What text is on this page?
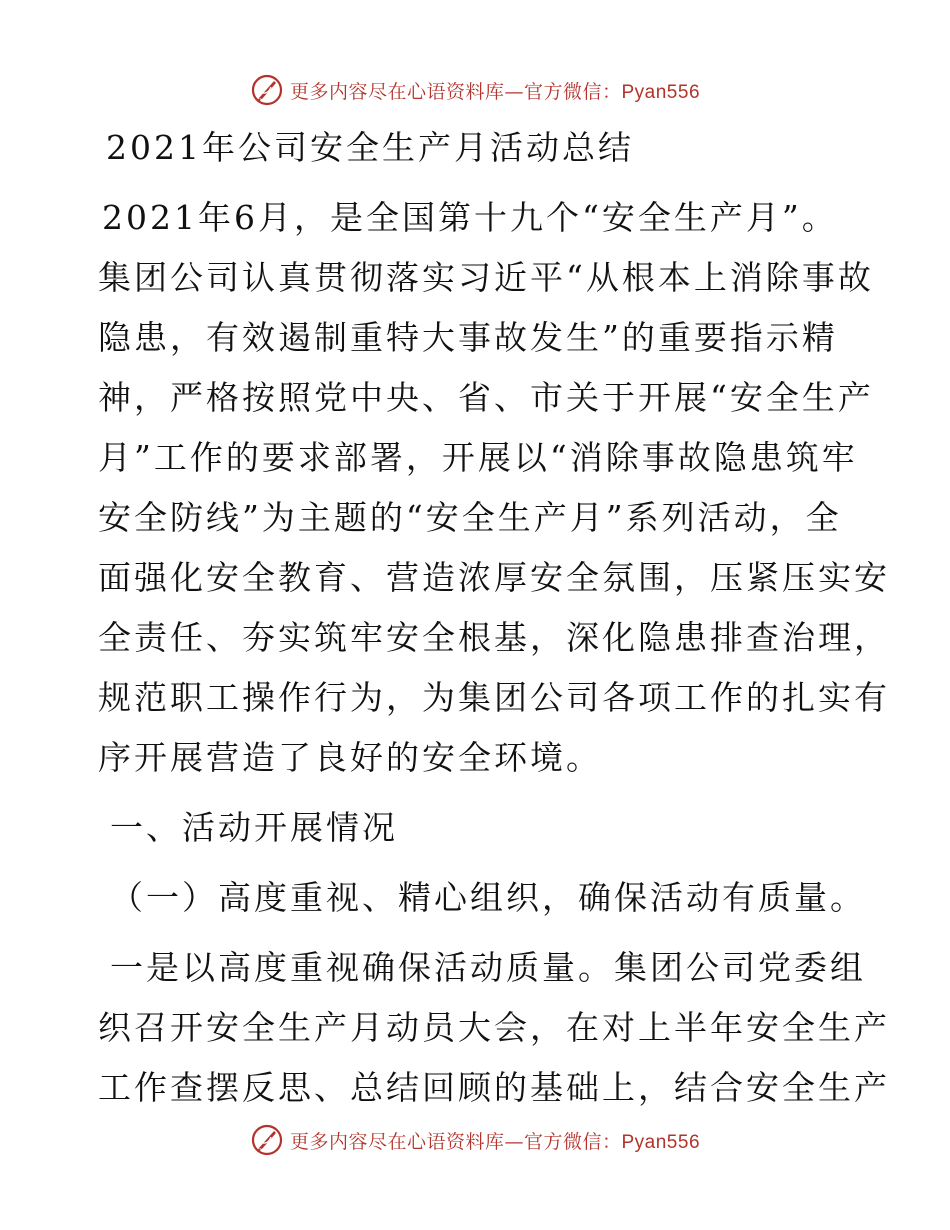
更多内容尽在心语资料库—官方微信：Pyan556
2021年公司安全生产月活动总结
2021年6月，是全国第十九个“安全生产月”。
集团公司认真贯彻落实习近平“从根本上消除事故
隐患，有效遏制重特大事故发生”的重要指示精
神，严格按照党中央、省、市关于开展“安全生产
月”工作的要求部署，开展以“消除事故隐患筑牢
安全防线”为主题的“安全生产月”系列活动，全
面强化安全教育、营造浓厚安全氛围，压紧压实安
全责任、夯实筑牢安全根基，深化隐患排查治理，
规范职工操作行为，为集团公司各项工作的扎实有
序开展营造了良好的安全环境。
一、活动开展情况
（一）高度重视、精心组织，确保活动有质量。
一是以高度重视确保活动质量。集团公司党委组
织召开安全生产月动员大会，在对上半年安全生产
工作查摆反思、总结回顾的基础上，结合安全生产
更多内容尽在心语资料库—官方微信：Pyan556
